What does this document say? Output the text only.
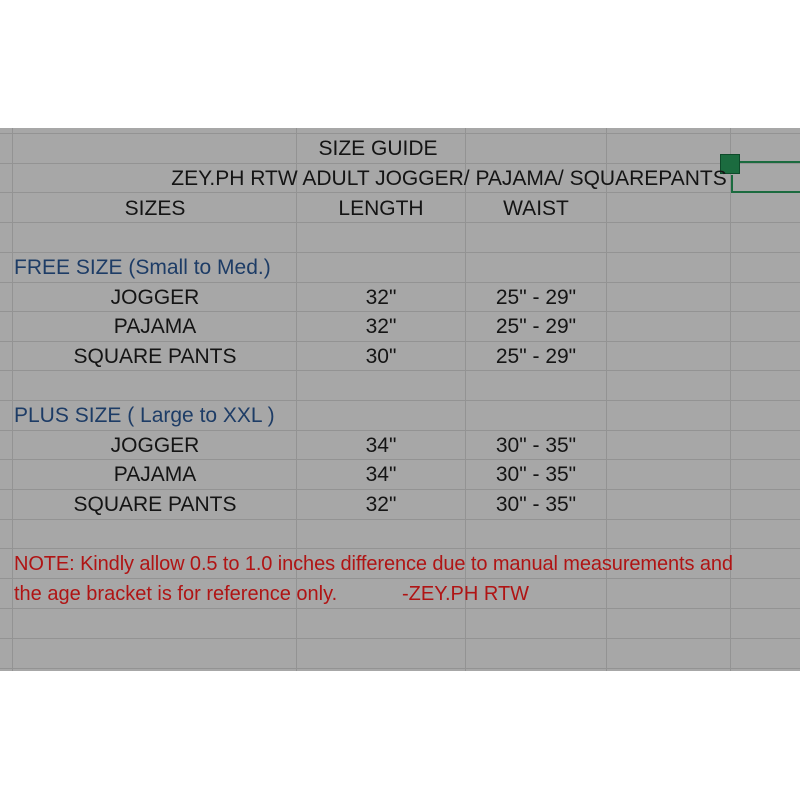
SIZE GUIDE
ZEY.PH RTW ADULT JOGGER/ PAJAMA/ SQUAREPANTS
SIZES	LENGTH	WAIST
FREE SIZE (Small to Med.)
JOGGER	32"	25" - 29"
PAJAMA	32"	25" - 29"
SQUARE PANTS	30"	25" - 29"
PLUS SIZE ( Large to XXL )
JOGGER	34"	30" - 35"
PAJAMA	34"	30" - 35"
SQUARE PANTS	32"	30" - 35"
NOTE: Kindly allow 0.5 to 1.0 inches difference due to manual measurements and
the age bracket is for reference only.	-ZEY.PH RTW
